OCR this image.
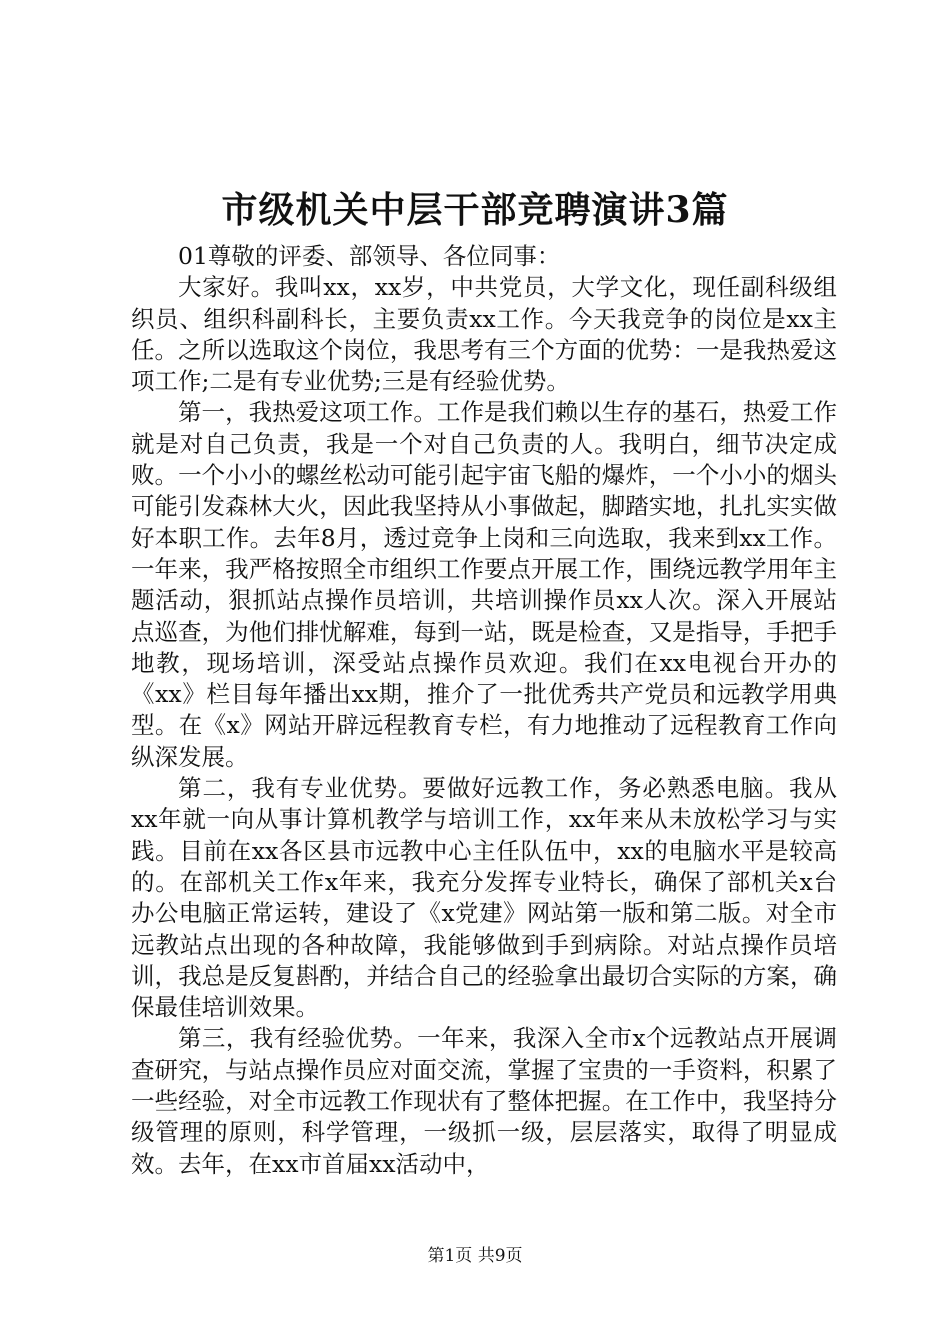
市级机关中层干部竞聘演讲3篇

01尊敬的评委、部领导、各位同事：

大家好。我叫xx，xx岁，中共党员，大学文化，现任副科级组织员、组织科副科长，主要负责xx工作。今天我竞争的岗位是xx主任。之所以选取这个岗位，我思考有三个方面的优势：一是我热爱这项工作;二是有专业优势;三是有经验优势。

第一，我热爱这项工作。工作是我们赖以生存的基石，热爱工作就是对自己负责，我是一个对自己负责的人。我明白，细节决定成败。一个小小的螺丝松动可能引起宇宙飞船的爆炸，一个小小的烟头可能引发森林大火，因此我坚持从小事做起，脚踏实地，扎扎实实做好本职工作。去年8月，透过竞争上岗和三向选取，我来到xx工作。一年来，我严格按照全市组织工作要点开展工作，围绕远教学用年主题活动，狠抓站点操作员培训，共培训操作员xx人次。深入开展站点巡查，为他们排忧解难，每到一站，既是检查，又是指导，手把手地教，现场培训，深受站点操作员欢迎。我们在xx电视台开办的《xx》栏目每年播出xx期，推介了一批优秀共产党员和远教学用典型。在《x》网站开辟远程教育专栏，有力地推动了远程教育工作向纵深发展。

第二，我有专业优势。要做好远教工作，务必熟悉电脑。我从xx年就一向从事计算机教学与培训工作，xx年来从未放松学习与实践。目前在xx各区县市远教中心主任队伍中，xx的电脑水平是较高的。在部机关工作x年来，我充分发挥专业特长，确保了部机关x台办公电脑正常运转，建设了《x党建》网站第一版和第二版。对全市远教站点出现的各种故障，我能够做到手到病除。对站点操作员培训，我总是反复斟酌，并结合自己的经验拿出最切合实际的方案，确保最佳培训效果。

第三，我有经验优势。一年来，我深入全市x个远教站点开展调查研究，与站点操作员应对面交流，掌握了宝贵的一手资料，积累了一些经验，对全市远教工作现状有了整体把握。在工作中，我坚持分级管理的原则，科学管理，一级抓一级，层层落实，取得了明显成效。去年，在xx市首届xx活动中，

第1页 共9页
